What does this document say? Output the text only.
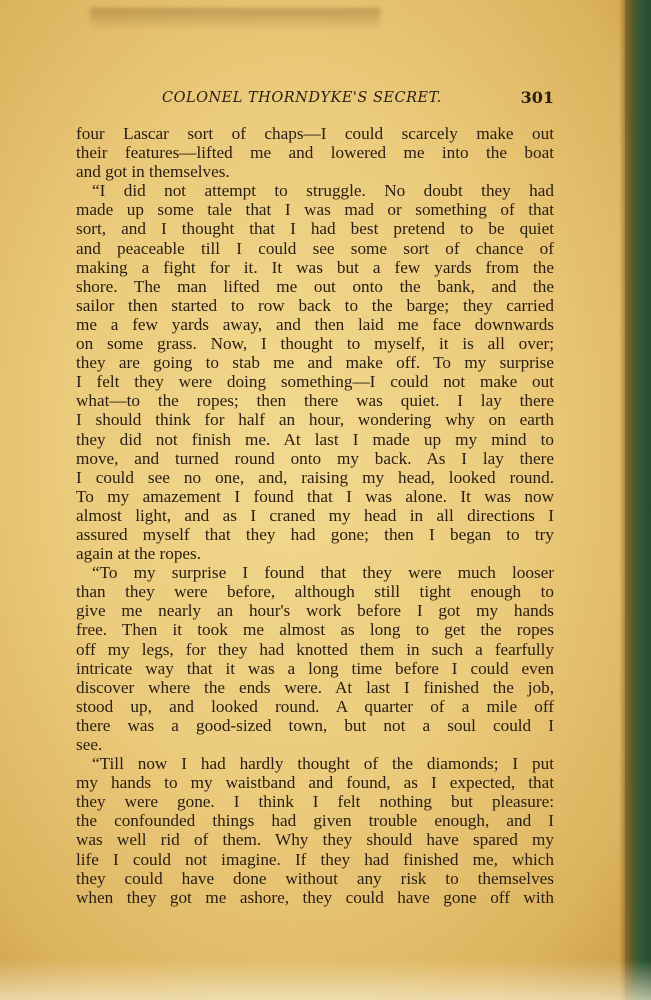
COLONEL THORNDYKE'S SECRET.	301
four Lascar sort of chaps—I could scarcely make out
their features—lifted me and lowered me into the boat
and got in themselves.
“I did not attempt to struggle. No doubt they had
made up some tale that I was mad or something of that
sort, and I thought that I had best pretend to be quiet
and peaceable till I could see some sort of chance of
making a fight for it. It was but a few yards from the
shore. The man lifted me out onto the bank, and the
sailor then started to row back to the barge; they carried
me a few yards away, and then laid me face downwards
on some grass. Now, I thought to myself, it is all over;
they are going to stab me and make off. To my surprise
I felt they were doing something—I could not make out
what—to the ropes; then there was quiet. I lay there
I should think for half an hour, wondering why on earth
they did not finish me. At last I made up my mind to
move, and turned round onto my back. As I lay there
I could see no one, and, raising my head, looked round.
To my amazement I found that I was alone. It was now
almost light, and as I craned my head in all directions I
assured myself that they had gone; then I began to try
again at the ropes.
“To my surprise I found that they were much looser
than they were before, although still tight enough to
give me nearly an hour's work before I got my hands
free. Then it took me almost as long to get the ropes
off my legs, for they had knotted them in such a fearfully
intricate way that it was a long time before I could even
discover where the ends were. At last I finished the job,
stood up, and looked round. A quarter of a mile off
there was a good-sized town, but not a soul could I
see.
“Till now I had hardly thought of the diamonds; I put
my hands to my waistband and found, as I expected, that
they were gone. I think I felt nothing but pleasure:
the confounded things had given trouble enough, and I
was well rid of them. Why they should have spared my
life I could not imagine. If they had finished me, which
they could have done without any risk to themselves
when they got me ashore, they could have gone off with
